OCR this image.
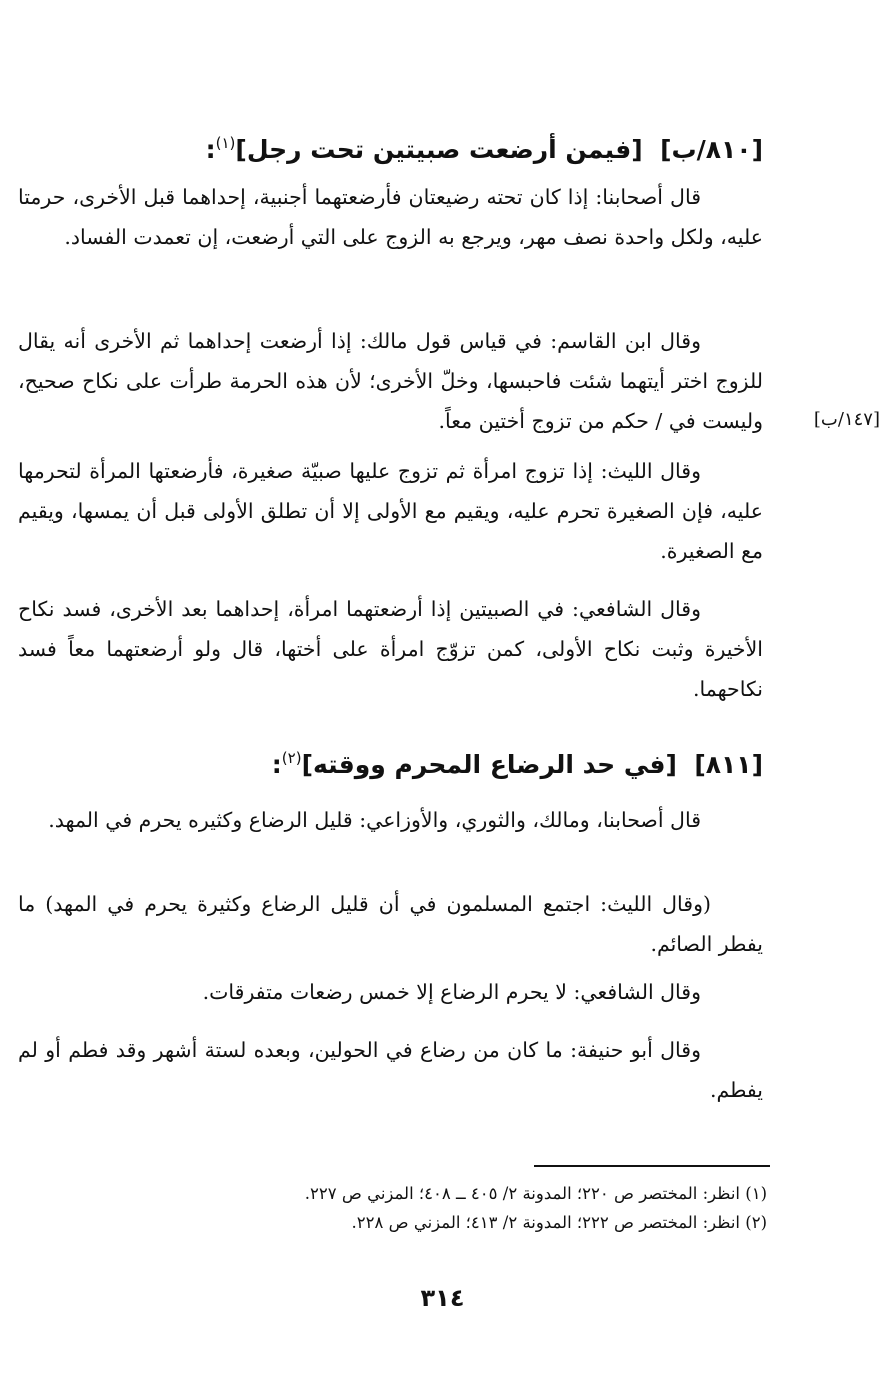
[٨١٠/ب]  [فيمن أرضعت صبيتين تحت رجل]$^{(١)}$:

قال أصحابنا: إذا كان تحته رضيعتان فأرضعتهما أجنبية، إحداهما قبل الأخرى، حرمتا عليه، ولكل واحدة نصف مهر، ويرجع به الزوج على التي أرضعت، إن تعمدت الفساد.

وقال ابن القاسم: في قياس قول مالك: إذا أرضعت إحداهما ثم الأخرى أنه يقال للزوج اختر أيتهما شئت فاحبسها، وخلّ الأخرى؛ لأن هذه الحرمة طرأت على نكاح صحيح، وليست في / حكم من تزوج أختين معاً.	[١٤٧/ب]

وقال الليث: إذا تزوج امرأة ثم تزوج عليها صبيّة صغيرة، فأرضعتها المرأة لتحرمها عليه، فإن الصغيرة تحرم عليه، ويقيم مع الأولى إلا أن تطلق الأولى قبل أن يمسها، ويقيم مع الصغيرة.

وقال الشافعي: في الصبيتين إذا أرضعتهما امرأة، إحداهما بعد الأخرى، فسد نكاح الأخيرة وثبت نكاح الأولى، كمن تزوّج امرأة على أختها، قال ولو أرضعتهما معاً فسد نكاحهما.

[٨١١]  [في حد الرضاع المحرم ووقته]$^{(٢)}$:

قال أصحابنا، ومالك، والثوري، والأوزاعي: قليل الرضاع وكثيره يحرم في المهد.

(وقال الليث: اجتمع المسلمون في أن قليل الرضاع وكثيرة يحرم في المهد) ما يفطر الصائم.

وقال الشافعي: لا يحرم الرضاع إلا خمس رضعات متفرقات.

وقال أبو حنيفة: ما كان من رضاع في الحولين، وبعده لستة أشهر وقد فطم أو لم يفطم.

(١) انظر: المختصر ص ٢٢٠؛ المدونة ٢/ ٤٠٥ ــ ٤٠٨؛ المزني ص ٢٢٧.
(٢) انظر: المختصر ص ٢٢٢؛ المدونة ٢/ ٤١٣؛ المزني ص ٢٢٨.
٣١٤
